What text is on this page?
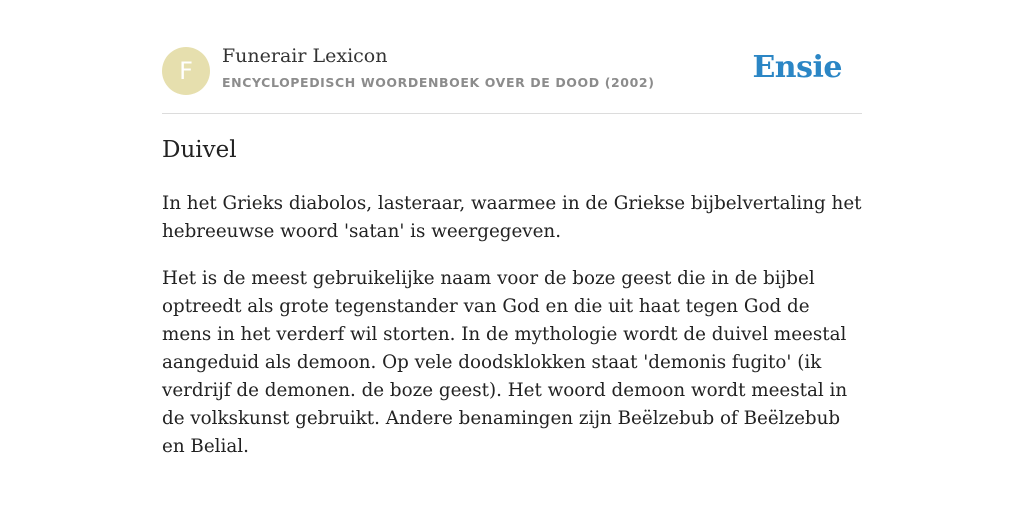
F
Funerair Lexicon
ENCYCLOPEDISCH WOORDENBOEK OVER DE DOOD (2002)	Ensie
Duivel

In het Grieks diabolos, lasteraar, waarmee in de Griekse bijbelvertaling het hebreeuwse woord 'satan' is weergegeven.

Het is de meest gebruikelijke naam voor de boze geest die in de bijbel optreedt als grote tegenstander van God en die uit haat tegen God de mens in het verderf wil storten. In de mythologie wordt de duivel meestal aangeduid als demoon. Op vele doodsklokken staat 'demonis fugito' (ik verdrijf de demonen. de boze geest). Het woord demoon wordt meestal in de volkskunst gebruikt. Andere benamingen zijn Beëlzebub of Beëlzebub en Belial.
